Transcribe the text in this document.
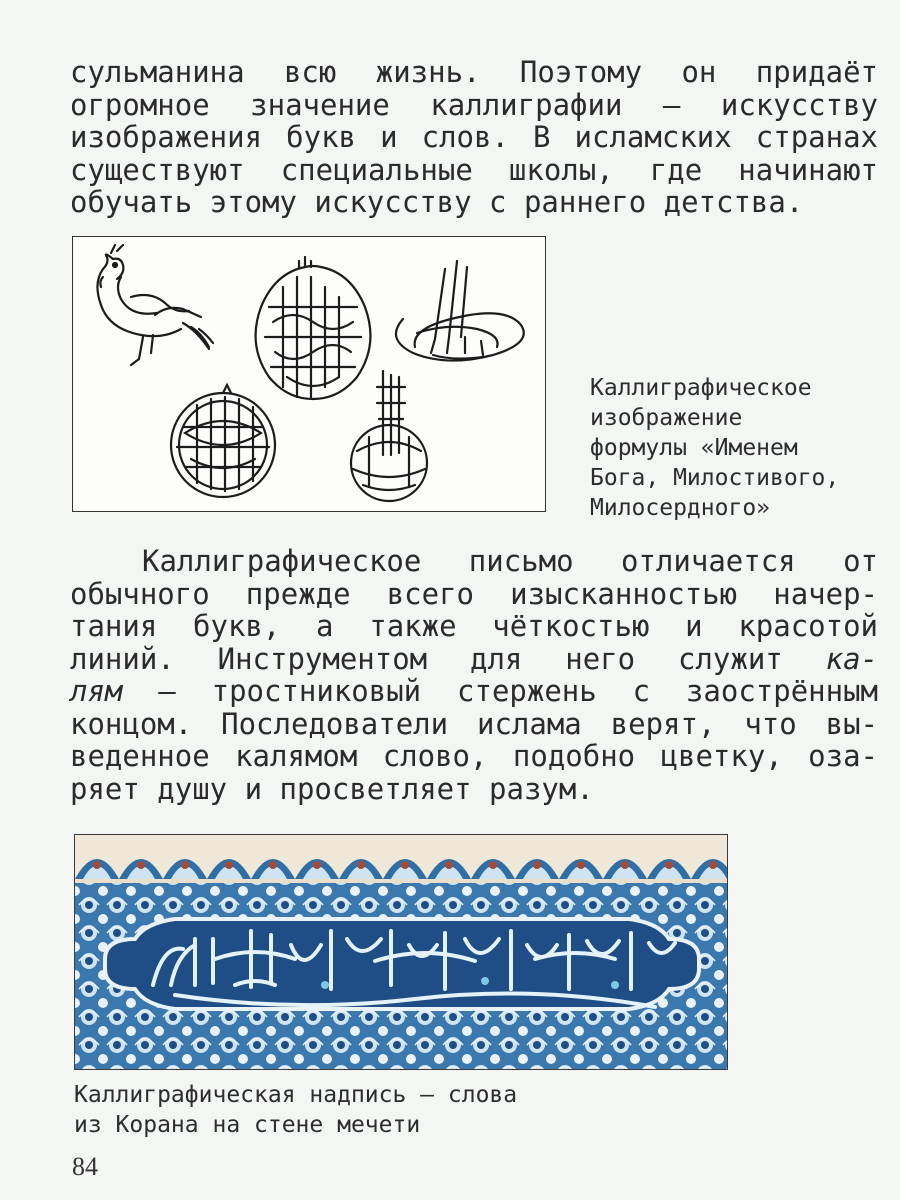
сульманина всю жизнь. Поэтому он придаёт
огромное значение каллиграфии — искусству
изображения букв и слов. В исламских странах
существуют специальные школы, где начинают
обучать этому искусству с раннего детства.
Каллиграфическое
изображение
формулы «Именем
Бога, Милостивого,
Милосердного»
Каллиграфическое письмо отличается от
обычного прежде всего изысканностью начер-
тания букв, а также чёткостью и красотой
линий. Инструментом для него служит ка-
лям — тростниковый стержень с заострённым
концом. Последователи ислама верят, что вы-
веденное калямом слово, подобно цветку, оза-
ряет душу и просветляет разум.
Каллиграфическая надпись — слова
из Корана на стене мечети
84
